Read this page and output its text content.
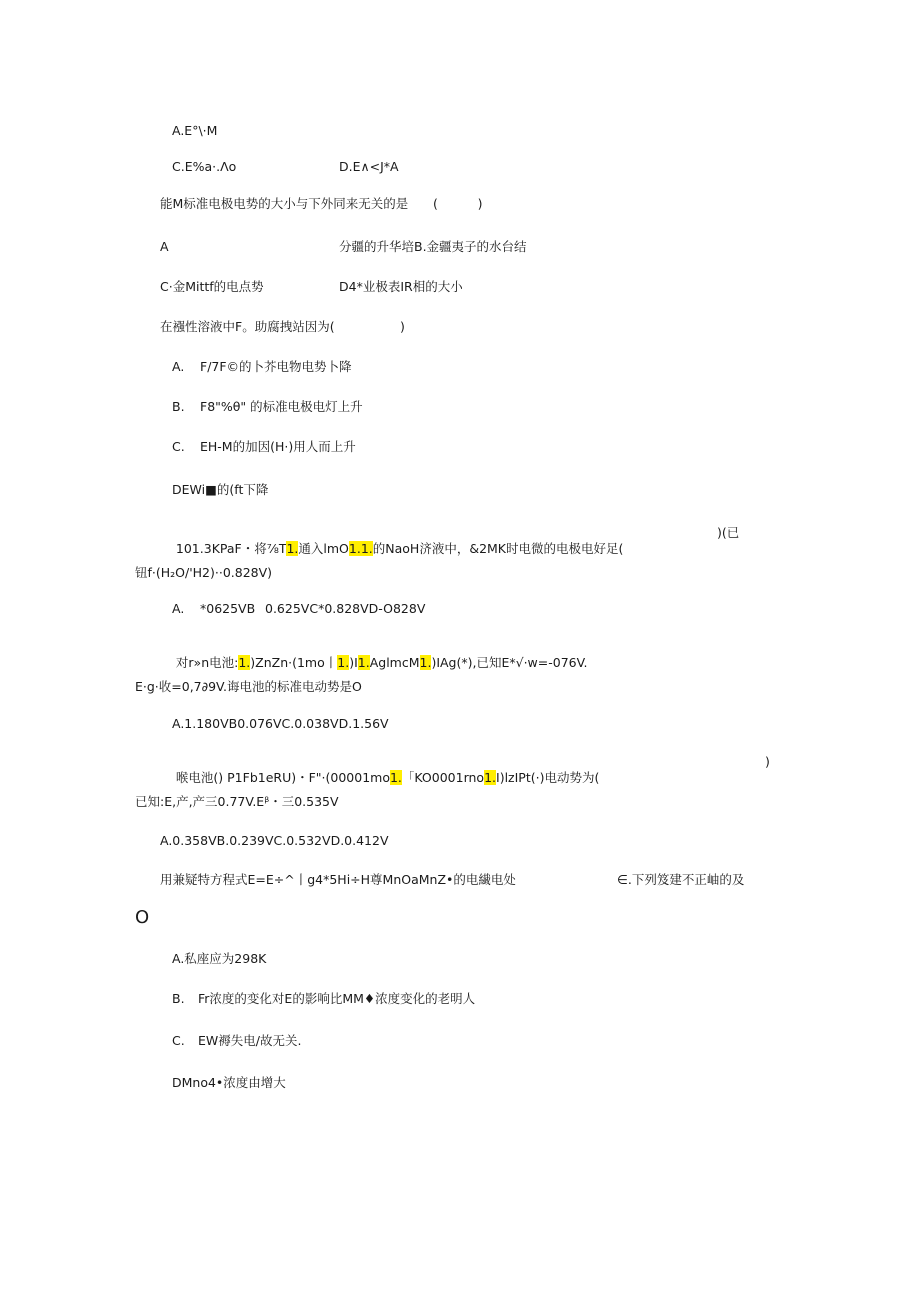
A.E°\·M
C.E%a·.Λo	D.E∧<J*A
能M标准电极电势的大小与下外同来无关的是 (          )
A	分疆的升华培B.金疆夷子的水台结
C·金Mittf的电点势	D4*业极表IR相的大小
在襁性溶液中F。助腐拽站因为(	)
A. F/7F©的卜芥电物电势卜降
B. F8"%θ" 的标准电极电灯上升
C. EH-M的加因(H·)用人而上升
DEWi■的(ft下降

101.3KPaF・将⅞T1.通入lmO1.1.的NaoH济液中，&2MK时电微的电极电好足(

)(已
钮f·(H₂O/'H2)··0.828V)
A. *0625VB 0.625VC*0.828VD-O828V

对r»n电池:1.)ZnZn·(1mo丨1.)I1.AglmcM1.)IAg(*),已知E*√·w=-076V.

E·g·收=0,7∂9V.诲电池的标准电动势是O
A.1.180VB0.076VC.0.038VD.1.56V

喉电池() P1Fb1eRU)・F"·(00001mo1.「KO0001rno1.I)lzIPt(·)电动势为(

)
已知:E,产,产三0.77V.Eᵝ・三0.535V
A.0.358VB.0.239VC.0.532VD.0.412V
用兼疑特方程式E=E÷^丨g4*5Hi÷H尊MnOaMnZ•的电繊电处	∈.下列笈建不正岫的及
O
A.私座应为298K
B. Fr浓度的变化对E的影响比MM♦浓度变化的老明人
C. EW褥失电/故无关.
DMno4•浓度由增大
